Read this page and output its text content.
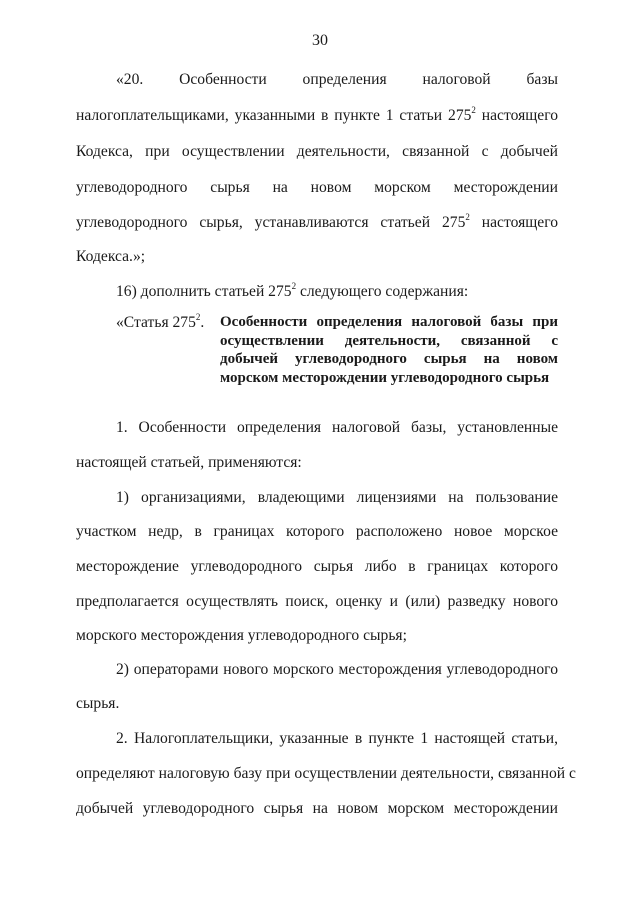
30
«20. Особенности определения налоговой базы
налогоплательщиками, указанными в пункте 1 статьи $275^2$ настоящего
Кодекса, при осуществлении деятельности, связанной с добычей
углеводородного сырья на новом морском месторождении
углеводородного сырья, устанавливаются статьей $275^2$ настоящего
Кодекса.»;
16) дополнить статьей $275^2$ следующего содержания:
«Статья $275^2$. Особенности определения налоговой базы при
осуществлении деятельности, связанной с
добычей углеводородного сырья на новом
морском месторождении углеводородного сырья
1. Особенности определения налоговой базы, установленные
настоящей статьей, применяются:
1) организациями, владеющими лицензиями на пользование
участком недр, в границах которого расположено новое морское
месторождение углеводородного сырья либо в границах которого
предполагается осуществлять поиск, оценку и (или) разведку нового
морского месторождения углеводородного сырья;
2) операторами нового морского месторождения углеводородного
сырья.
2. Налогоплательщики, указанные в пункте 1 настоящей статьи,
определяют налоговую базу при осуществлении деятельности, связанной с
добычей углеводородного сырья на новом морском месторождении
